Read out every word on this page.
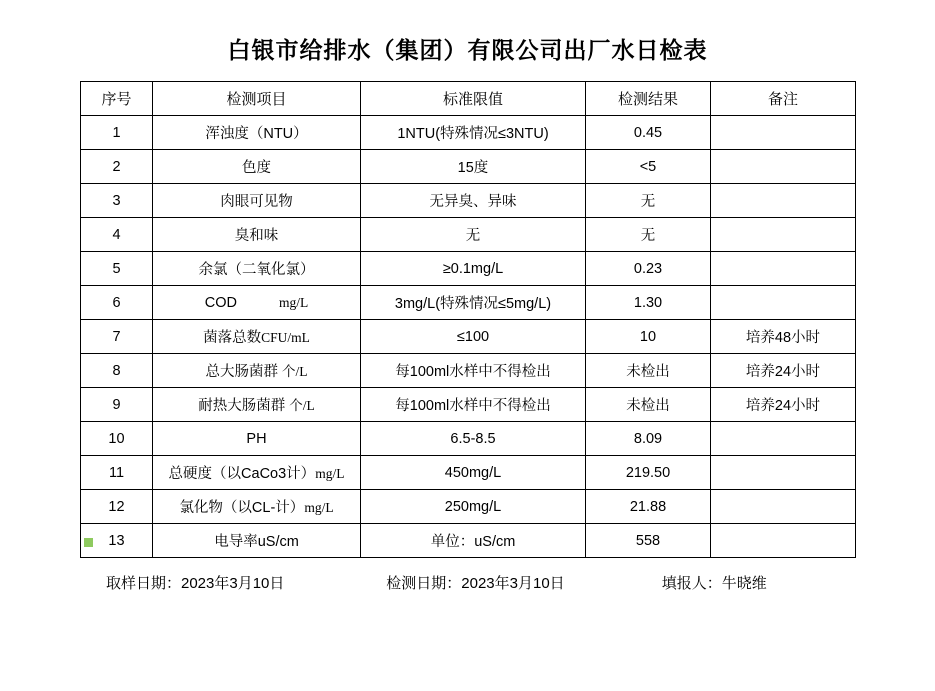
白银市给排水（集团）有限公司出厂水日检表
序号	检测项目	标准限值	检测结果	备注
1	浑浊度（NTU）	1NTU(特殊情况≤3NTU)	0.45	
2	色度	15度	<5	
3	肉眼可见物	无异臭、异味	无	
4	臭和味	无	无	
5	余氯（二氧化氯）	≥0.1mg/L	0.23	
6	COD mg/L	3mg/L(特殊情况≤5mg/L)	1.30	
7	菌落总数CFU/mL	≤100	10	培养48小时
8	总大肠菌群 个/L	每100ml水样中不得检出	未检出	培养24小时
9	耐热大肠菌群 个/L	每100ml水样中不得检出	未检出	培养24小时
10	PH	6.5-8.5	8.09	
11	总硬度（以CaCo3计）mg/L	450mg/L	219.50	
12	氯化物（以CL-计）mg/L	250mg/L	21.88	
13	电导率uS/cm	单位：uS/cm	558	
取样日期：2023年3月10日	检测日期：2023年3月10日	填报人：牛晓维
